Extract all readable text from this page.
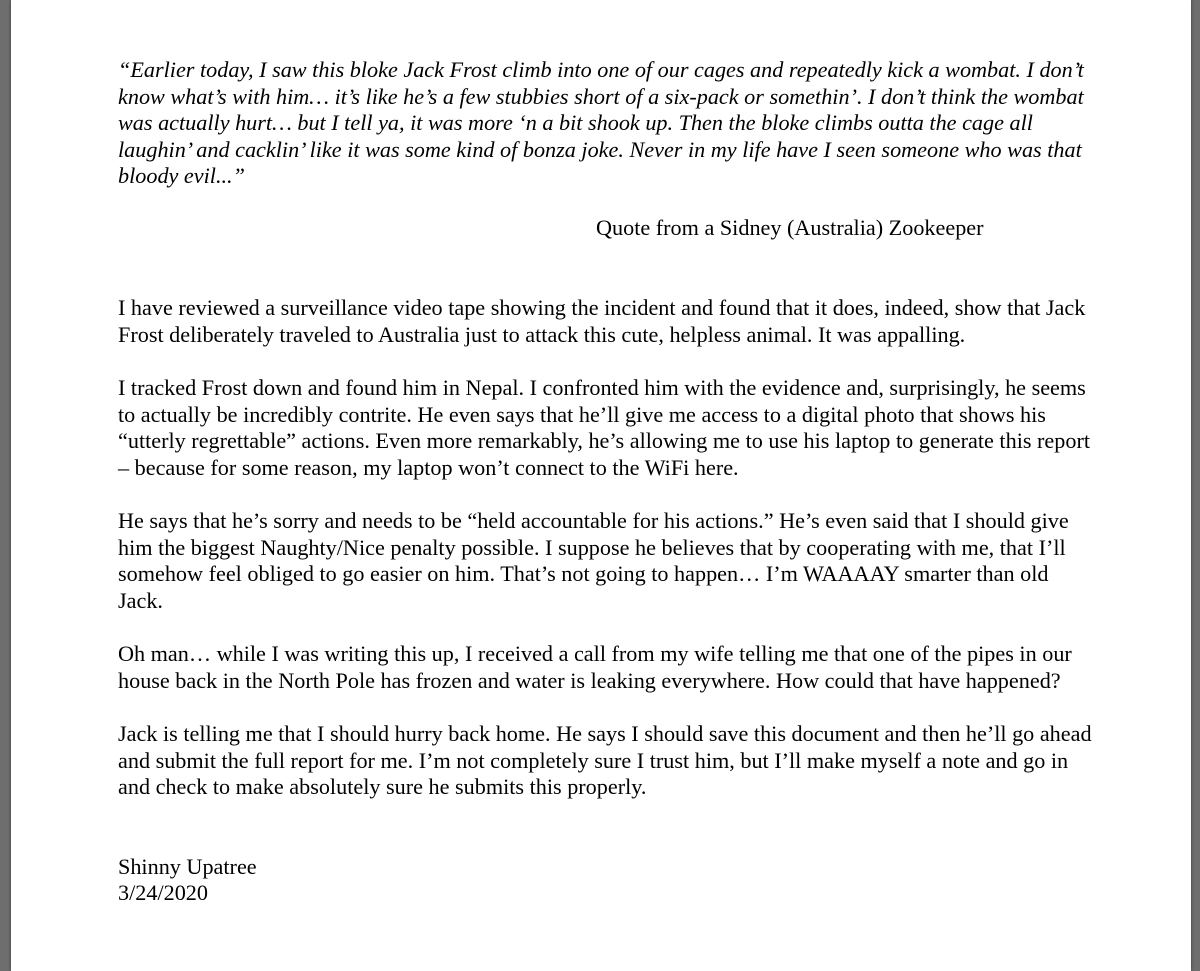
“Earlier today, I saw this bloke Jack Frost climb into one of our cages and repeatedly kick a wombat. I don’t know what’s with him… it’s like he’s a few stubbies short of a six-pack or somethin’. I don’t think the wombat was actually hurt… but I tell ya, it was more ‘n a bit shook up. Then the bloke climbs outta the cage all laughin’ and cacklin’ like it was some kind of bonza joke. Never in my life have I seen someone who was that bloody evil...”

Quote from a Sidney (Australia) Zookeeper

I have reviewed a surveillance video tape showing the incident and found that it does, indeed, show that Jack Frost deliberately traveled to Australia just to attack this cute, helpless animal. It was appalling.

I tracked Frost down and found him in Nepal. I confronted him with the evidence and, surprisingly, he seems to actually be incredibly contrite. He even says that he’ll give me access to a digital photo that shows his “utterly regrettable” actions. Even more remarkably, he’s allowing me to use his laptop to generate this report – because for some reason, my laptop won’t connect to the WiFi here.

He says that he’s sorry and needs to be “held accountable for his actions.” He’s even said that I should give him the biggest Naughty/Nice penalty possible. I suppose he believes that by cooperating with me, that I’ll somehow feel obliged to go easier on him. That’s not going to happen… I’m WAAAAY smarter than old Jack.

Oh man… while I was writing this up, I received a call from my wife telling me that one of the pipes in our house back in the North Pole has frozen and water is leaking everywhere. How could that have happened?

Jack is telling me that I should hurry back home. He says I should save this document and then he’ll go ahead and submit the full report for me. I’m not completely sure I trust him, but I’ll make myself a note and go in and check to make absolutely sure he submits this properly.

Shinny Upatree
3/24/2020
